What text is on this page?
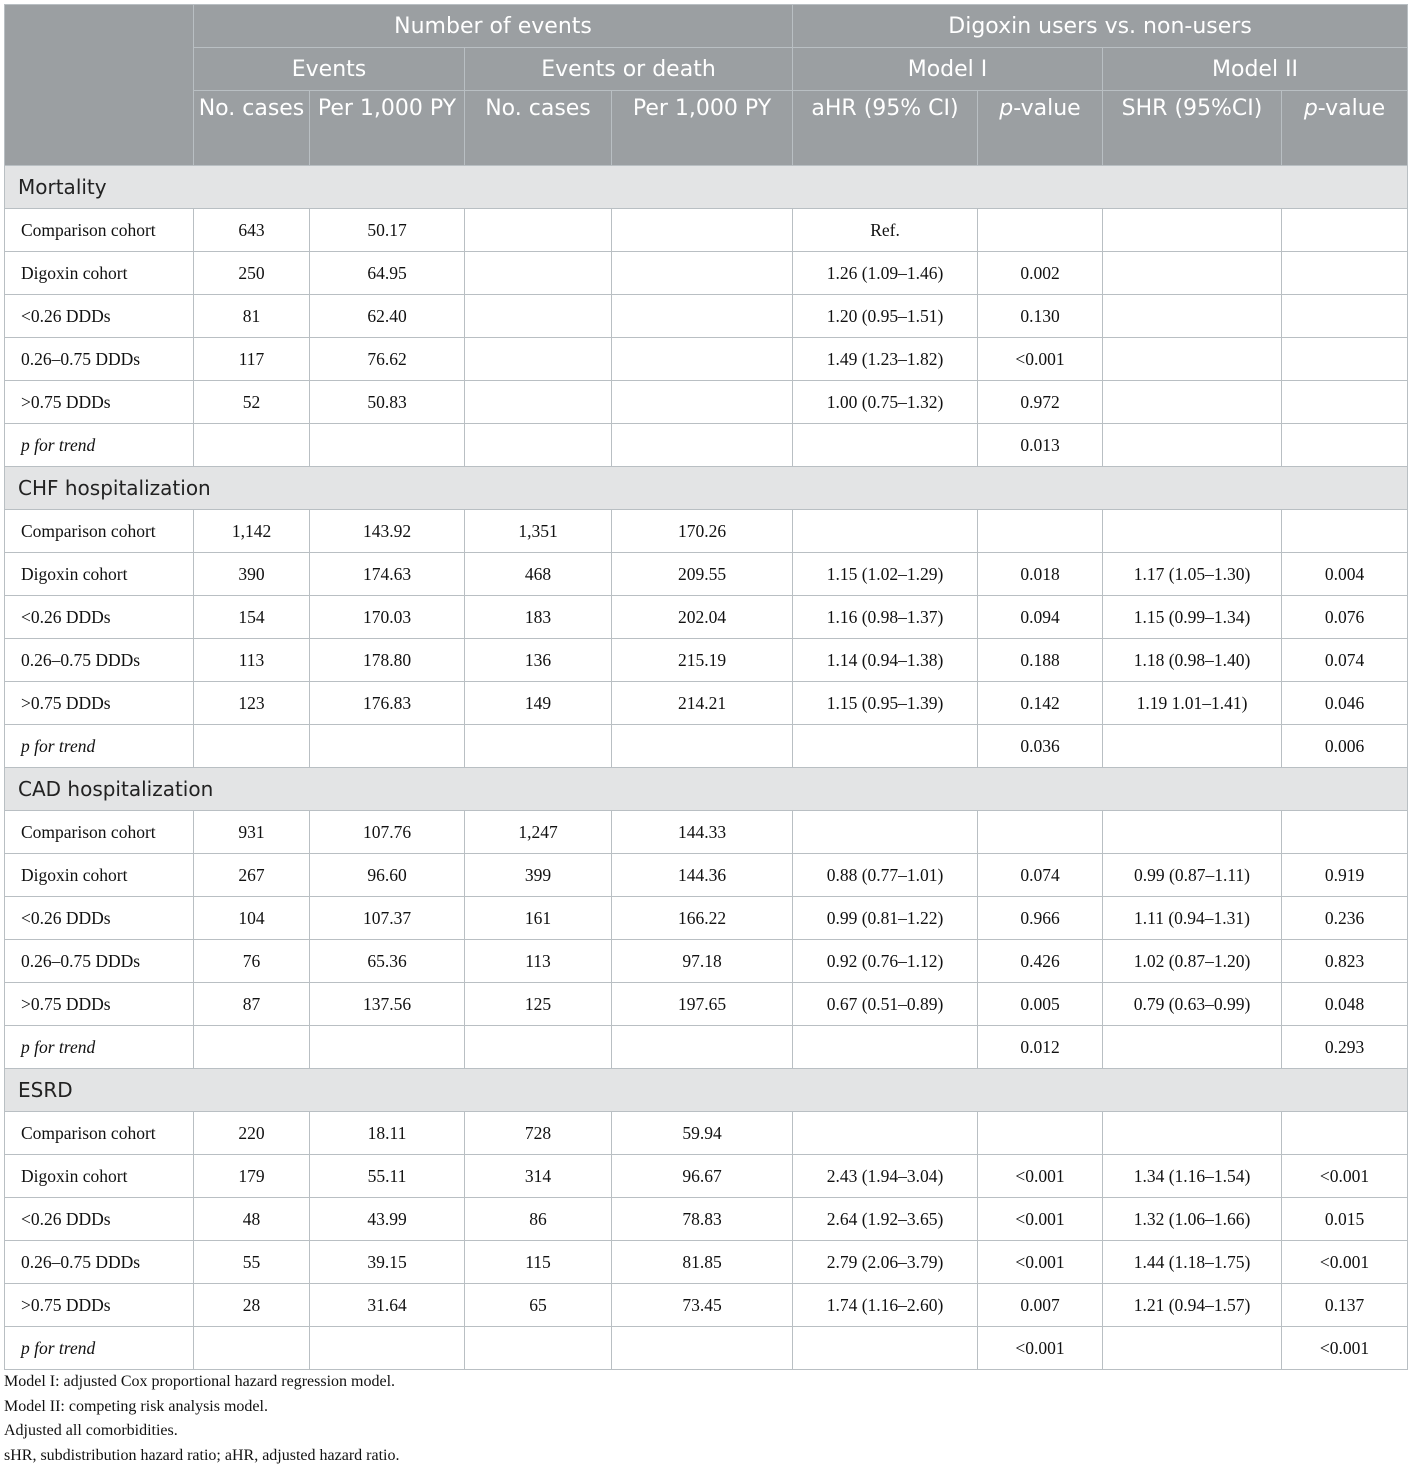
	Number of events				Digoxin users vs. non-users			
	Events		Events or death		Model I		Model II	
	No. cases	Per 1,000 PY	No. cases	Per 1,000 PY	aHR (95% CI)	p-value	SHR (95%CI)	p-value
Mortality								
Comparison cohort	643	50.17			Ref.			
Digoxin cohort	250	64.95			1.26 (1.09–1.46)	0.002		
<0.26 DDDs	81	62.40			1.20 (0.95–1.51)	0.130		
0.26–0.75 DDDs	117	76.62			1.49 (1.23–1.82)	<0.001		
>0.75 DDDs	52	50.83			1.00 (0.75–1.32)	0.972		
p for trend						0.013		
CHF hospitalization								
Comparison cohort	1,142	143.92	1,351	170.26				
Digoxin cohort	390	174.63	468	209.55	1.15 (1.02–1.29)	0.018	1.17 (1.05–1.30)	0.004
<0.26 DDDs	154	170.03	183	202.04	1.16 (0.98–1.37)	0.094	1.15 (0.99–1.34)	0.076
0.26–0.75 DDDs	113	178.80	136	215.19	1.14 (0.94–1.38)	0.188	1.18 (0.98–1.40)	0.074
>0.75 DDDs	123	176.83	149	214.21	1.15 (0.95–1.39)	0.142	1.19 1.01–1.41)	0.046
p for trend						0.036		0.006
CAD hospitalization								
Comparison cohort	931	107.76	1,247	144.33				
Digoxin cohort	267	96.60	399	144.36	0.88 (0.77–1.01)	0.074	0.99 (0.87–1.11)	0.919
<0.26 DDDs	104	107.37	161	166.22	0.99 (0.81–1.22)	0.966	1.11 (0.94–1.31)	0.236
0.26–0.75 DDDs	76	65.36	113	97.18	0.92 (0.76–1.12)	0.426	1.02 (0.87–1.20)	0.823
>0.75 DDDs	87	137.56	125	197.65	0.67 (0.51–0.89)	0.005	0.79 (0.63–0.99)	0.048
p for trend						0.012		0.293
ESRD								
Comparison cohort	220	18.11	728	59.94				
Digoxin cohort	179	55.11	314	96.67	2.43 (1.94–3.04)	<0.001	1.34 (1.16–1.54)	<0.001
<0.26 DDDs	48	43.99	86	78.83	2.64 (1.92–3.65)	<0.001	1.32 (1.06–1.66)	0.015
0.26–0.75 DDDs	55	39.15	115	81.85	2.79 (2.06–3.79)	<0.001	1.44 (1.18–1.75)	<0.001
>0.75 DDDs	28	31.64	65	73.45	1.74 (1.16–2.60)	0.007	1.21 (0.94–1.57)	0.137
p for trend						<0.001		<0.001
Model I: adjusted Cox proportional hazard regression model.
Model II: competing risk analysis model.
Adjusted all comorbidities.
sHR, subdistribution hazard ratio; aHR, adjusted hazard ratio.
